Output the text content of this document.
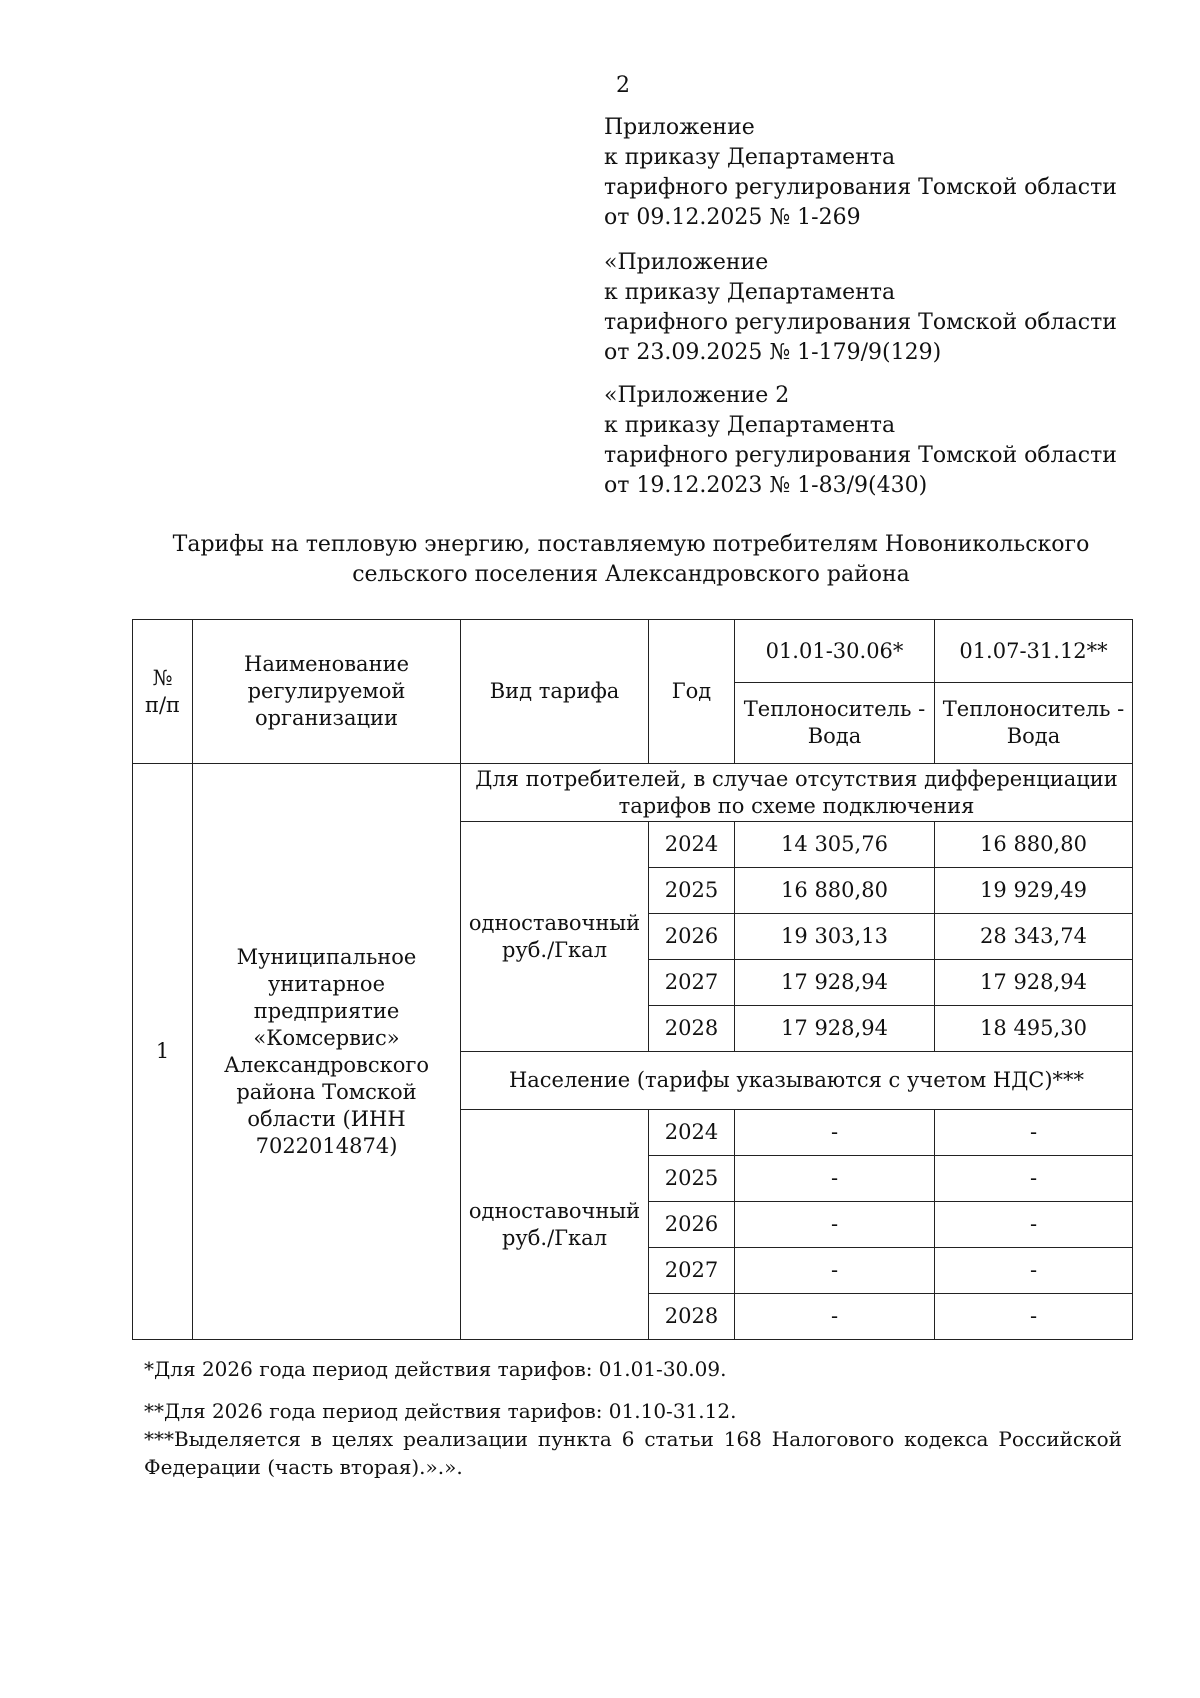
2
Приложение
к приказу Департамента
тарифного регулирования Томской области
от 09.12.2025 № 1-269
«Приложение
к приказу Департамента
тарифного регулирования Томской области
от 23.09.2025 № 1-179/9(129)
«Приложение 2
к приказу Департамента
тарифного регулирования Томской области
от 19.12.2023 № 1-83/9(430)
Тарифы на тепловую энергию, поставляемую потребителям Новоникольского
сельского поселения Александровского района
№ п/п	Наименование регулируемой организации	Вид тарифа	Год	01.01-30.06*	01.07-31.12**
				Теплоноситель - Вода	Теплоноситель - Вода
1	Муниципальное унитарное предприятие «Комсервис» Александровского района Томской области (ИНН 7022014874)	Для потребителей, в случае отсутствия дифференциации тарифов по схеме подключения			
		одноставочный руб./Гкал	2024	14 305,76	16 880,80
			2025	16 880,80	19 929,49
			2026	19 303,13	28 343,74
			2027	17 928,94	17 928,94
			2028	17 928,94	18 495,30
		Население (тарифы указываются с учетом НДС)***			
		одноставочный руб./Гкал	2024	-	-
			2025	-	-
			2026	-	-
			2027	-	-
			2028	-	-

*Для 2026 года период действия тарифов: 01.01-30.09.

**Для 2026 года период действия тарифов: 01.10-31.12.

***Выделяется в целях реализации пункта 6 статьи 168 Налогового кодекса Российской Федерации (часть вторая).».».
